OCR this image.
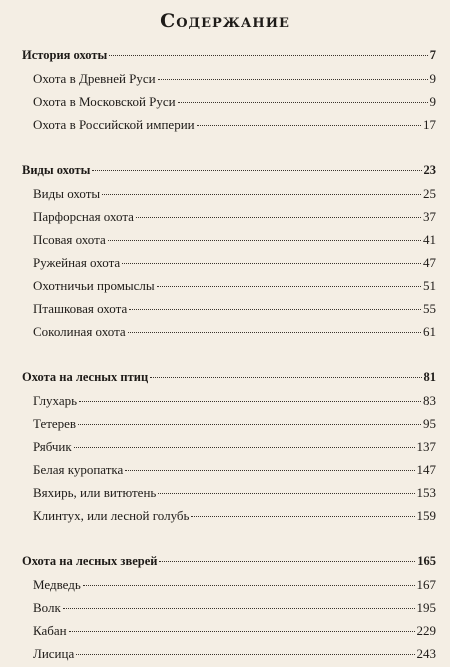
Содержание
История охоты	7
Охота в Древней Руси	9
Охота в Московской Руси	9
Охота в Российской империи	17
Виды охоты	23
Виды охоты	25
Парфорсная охота	37
Псовая охота	41
Ружейная охота	47
Охотничьи промыслы	51
Пташковая охота	55
Соколиная охота	61
Охота на лесных птиц	81
Глухарь	83
Тетерев	95
Рябчик	137
Белая куропатка	147
Вяхирь, или витютень	153
Клинтух, или лесной голубь	159
Охота на лесных зверей	165
Медведь	167
Волк	195
Кабан	229
Лисица	243
